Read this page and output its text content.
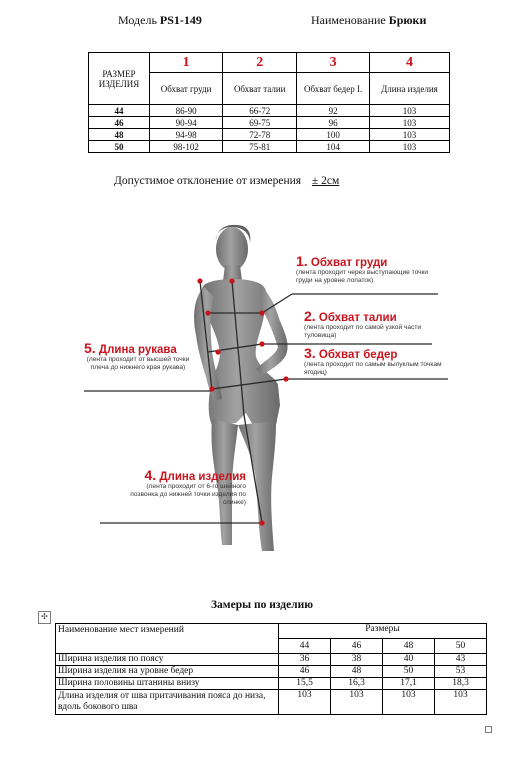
Модель PS1-149	Наименование Брюки
РАЗМЕР ИЗДЕЛИЯ	1	2	3	4
	Обхват груди	Обхват талии	Обхват бедер I.	Длина изделия
44	86-90	66-72	92	103
46	90-94	69-75	96	103
48	94-98	72-78	100	103
50	98-102	75-81	104	103
Допустимое отклонение от измерения ± 2см
1. Обхват груди
(лента проходит через выступающие точки груди на уровне лопаток)
2. Обхват талии
(лента проходит по самой узкой части туловища)
3. Обхват бедер
(лента проходит по самым выпуклым точкам ягодиц)
4. Длина изделия
(лента проходит от 6-го шейного позвонка до нижней точки изделия по спинке)
5. Длина рукава
(лента проходит от высшей точки плеча до нижнего края рукава)
Замеры по изделию
✣
Наименование мест измерений	Размеры			
	44	46	48	50
Ширина изделия по поясу	36	38	40	43
Ширина изделия на уровне бедер	46	48	50	53
Ширина половины штанины внизу	15,5	16,3	17,1	18,3
Длина изделия от шва притачивания пояса до низа, вдоль бокового шва	103	103	103	103
